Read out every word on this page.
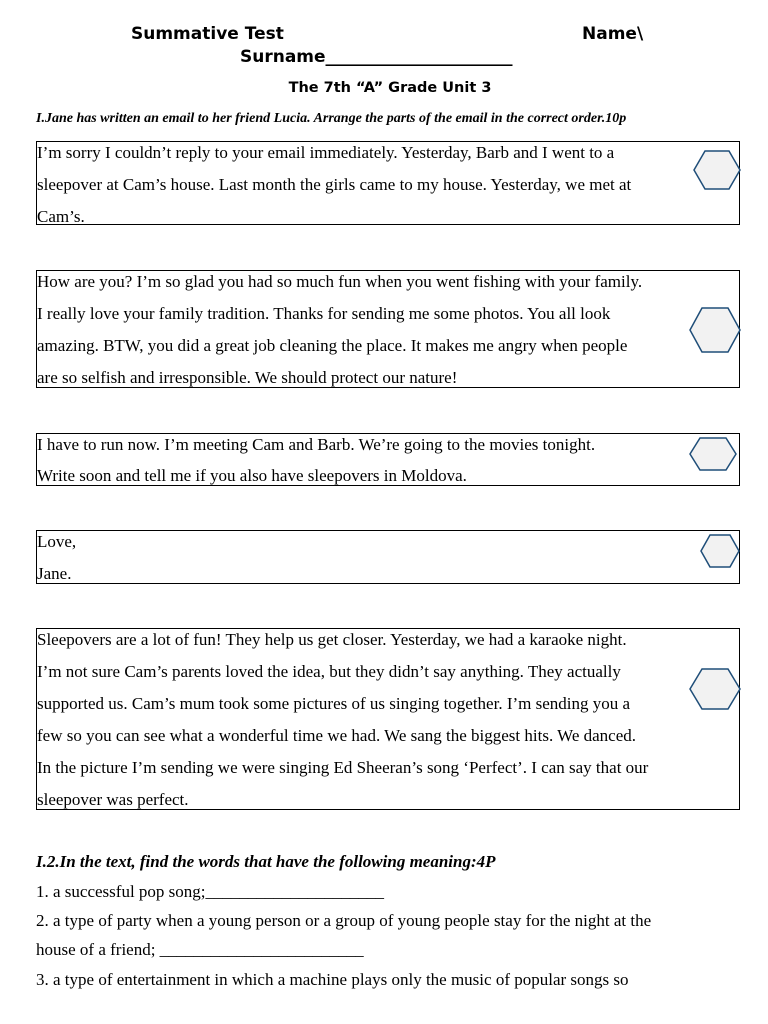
Summative Test	Name\
Surname______________________
The 7th “A” Grade Unit 3
I.Jane has written an email to her friend Lucia. Arrange the parts of the email in the correct order.10p
I’m sorry I couldn’t reply to your email immediately. Yesterday, Barb and I went to a
sleepover at Cam’s house. Last month the girls came to my house. Yesterday, we met at
Cam’s.
How are you? I’m so glad you had so much fun when you went fishing with your family.
I really love your family tradition. Thanks for sending me some photos. You all look
amazing. BTW, you did a great job cleaning the place. It makes me angry when people
are so selfish and irresponsible. We should protect our nature!
I have to run now. I’m meeting Cam and Barb. We’re going to the movies tonight.
Write soon and tell me if you also have sleepovers in Moldova.
Love,
Jane.
Sleepovers are a lot of fun! They help us get closer. Yesterday, we had a karaoke night.
I’m not sure Cam’s parents loved the idea, but they didn’t say anything. They actually
supported us. Cam’s mum took some pictures of us singing together. I’m sending you a
few so you can see what a wonderful time we had. We sang the biggest hits. We danced.
In the picture I’m sending we were singing Ed Sheeran’s song ‘Perfect’. I can say that our
sleepover was perfect.
I.2.In the text, find the words that have the following meaning:4P
1. a successful pop song;_____________________
2. a type of party when a young person or a group of young people stay for the night at the
house of a friend; ________________________
3. a type of entertainment in which a machine plays only the music of popular songs so
